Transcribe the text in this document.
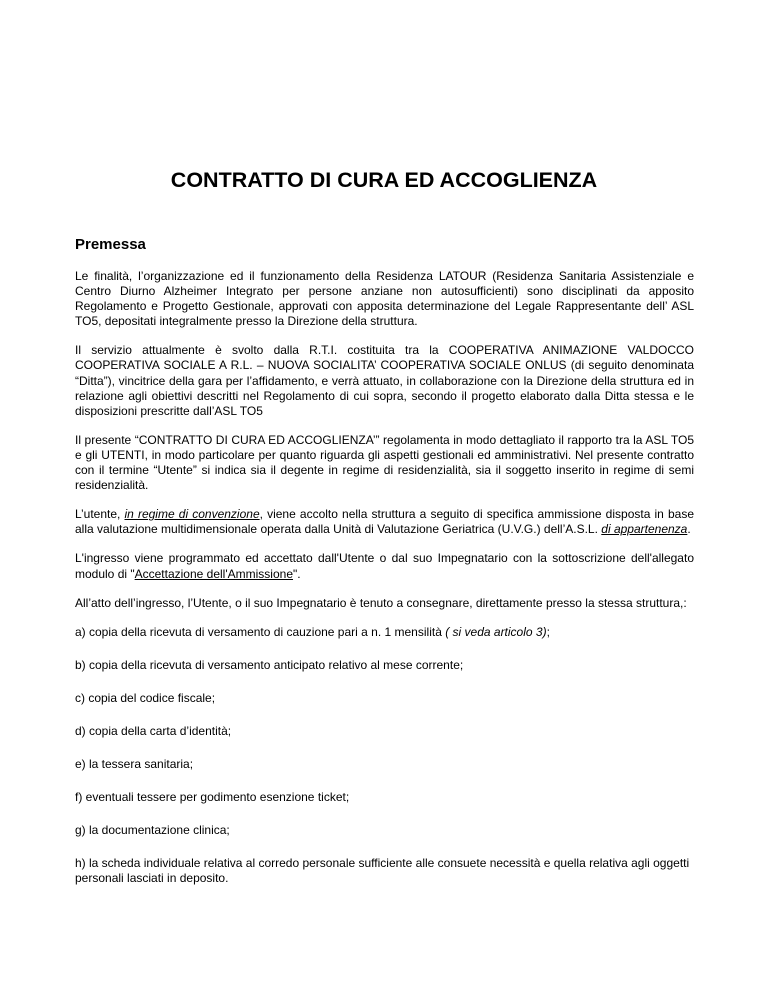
CONTRATTO DI CURA ED ACCOGLIENZA
Premessa

Le finalità, l’organizzazione ed il funzionamento della Residenza LATOUR (Residenza Sanitaria Assistenziale e Centro Diurno Alzheimer Integrato per persone anziane non autosufficienti) sono disciplinati da apposito Regolamento e Progetto Gestionale, approvati con apposita determinazione del Legale Rappresentante dell’ ASL TO5, depositati integralmente presso la Direzione della struttura.

Il servizio attualmente è svolto dalla R.T.I. costituita tra la COOPERATIVA ANIMAZIONE VALDOCCO COOPERATIVA SOCIALE A R.L. – NUOVA SOCIALITA’ COOPERATIVA SOCIALE ONLUS (di seguito denominata “Ditta”), vincitrice della gara per l’affidamento, e verrà attuato, in collaborazione con la Direzione della struttura ed in relazione agli obiettivi descritti nel Regolamento di cui sopra, secondo il progetto elaborato dalla Ditta stessa e le disposizioni prescritte dall’ASL TO5

Il presente “CONTRATTO DI CURA ED ACCOGLIENZA’” regolamenta in modo dettagliato il rapporto tra la ASL TO5 e gli UTENTI, in modo particolare per quanto riguarda gli aspetti gestionali ed amministrativi. Nel presente contratto con il termine “Utente” si indica sia il degente in regime di residenzialità, sia il soggetto inserito in regime di semi residenzialità.

L’utente, in regime di convenzione, viene accolto nella struttura a seguito di specifica ammissione disposta in base alla valutazione multidimensionale operata dalla Unità di Valutazione Geriatrica (U.V.G.) dell’A.S.L. di appartenenza.

L'ingresso viene programmato ed accettato dall'Utente o dal suo Impegnatario con la sottoscrizione dell'allegato modulo di "Accettazione dell'Ammissione".

All’atto dell’ingresso, l’Utente, o il suo Impegnatario è tenuto a consegnare, direttamente presso la stessa struttura,:

a) copia della ricevuta di versamento di cauzione pari a n. 1 mensilità ( si veda articolo 3);

b) copia della ricevuta di versamento anticipato relativo al mese corrente;

c) copia del codice fiscale;

d) copia della carta d’identità;

e) la tessera sanitaria;

f) eventuali tessere per godimento esenzione ticket;

g) la documentazione clinica;

h) la scheda individuale relativa al corredo personale sufficiente alle consuete necessità e quella relativa agli oggetti personali lasciati in deposito.
